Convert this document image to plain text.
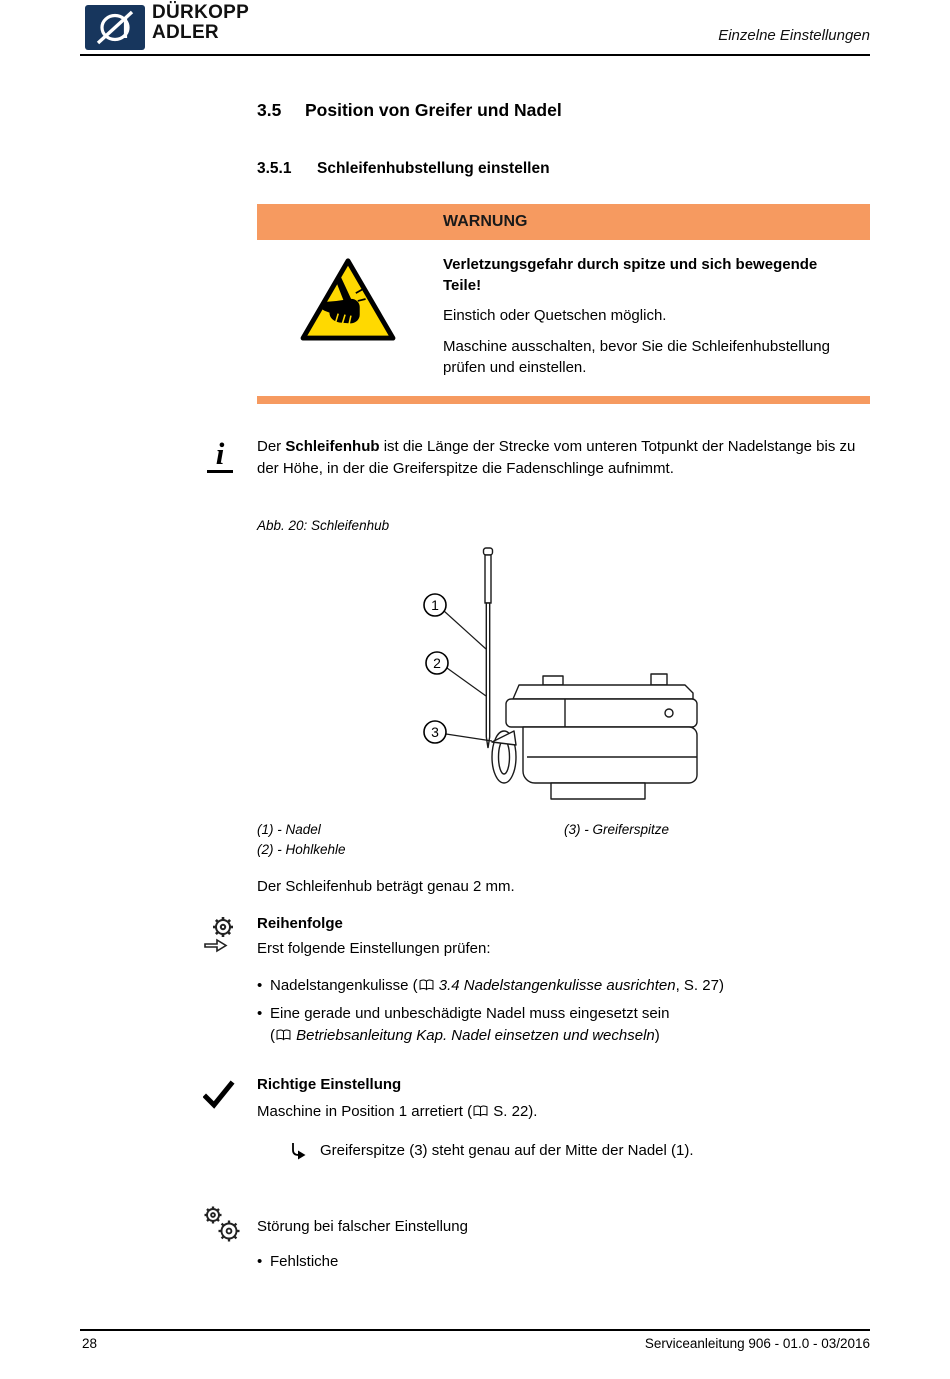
DÜRKOPP
ADLER	Einzelne Einstellungen
3.5	Position von Greifer und Nadel
3.5.1	Schleifenhubstellung einstellen
WARNUNG
Verletzungsgefahr durch spitze und sich bewegende Teile!
Einstich oder Quetschen möglich.
Maschine ausschalten, bevor Sie die Schleifenhubstellung prüfen und einstellen.
i	Der Schleifenhub ist die Länge der Strecke vom unteren Totpunkt der Nadelstange bis zu der Höhe, in der die Greiferspitze die Fadenschlinge aufnimmt.
Abb. 20: Schleifenhub
1
2
3
(1) - Nadel	(3) - Greiferspitze
(2) - Hohlkehle
Der Schleifenhub beträgt genau 2 mm.
Reihenfolge
Erst folgende Einstellungen prüfen:
• Nadelstangenkulisse ( 3.4 Nadelstangenkulisse ausrichten, S. 27)
• Eine gerade und unbeschädigte Nadel muss eingesetzt sein
( Betriebsanleitung Kap. Nadel einsetzen und wechseln)
Richtige Einstellung
Maschine in Position 1 arretiert ( S. 22).
Greiferspitze (3) steht genau auf der Mitte der Nadel (1).
Störung bei falscher Einstellung
• Fehlstiche
28	Serviceanleitung 906 - 01.0 - 03/2016
